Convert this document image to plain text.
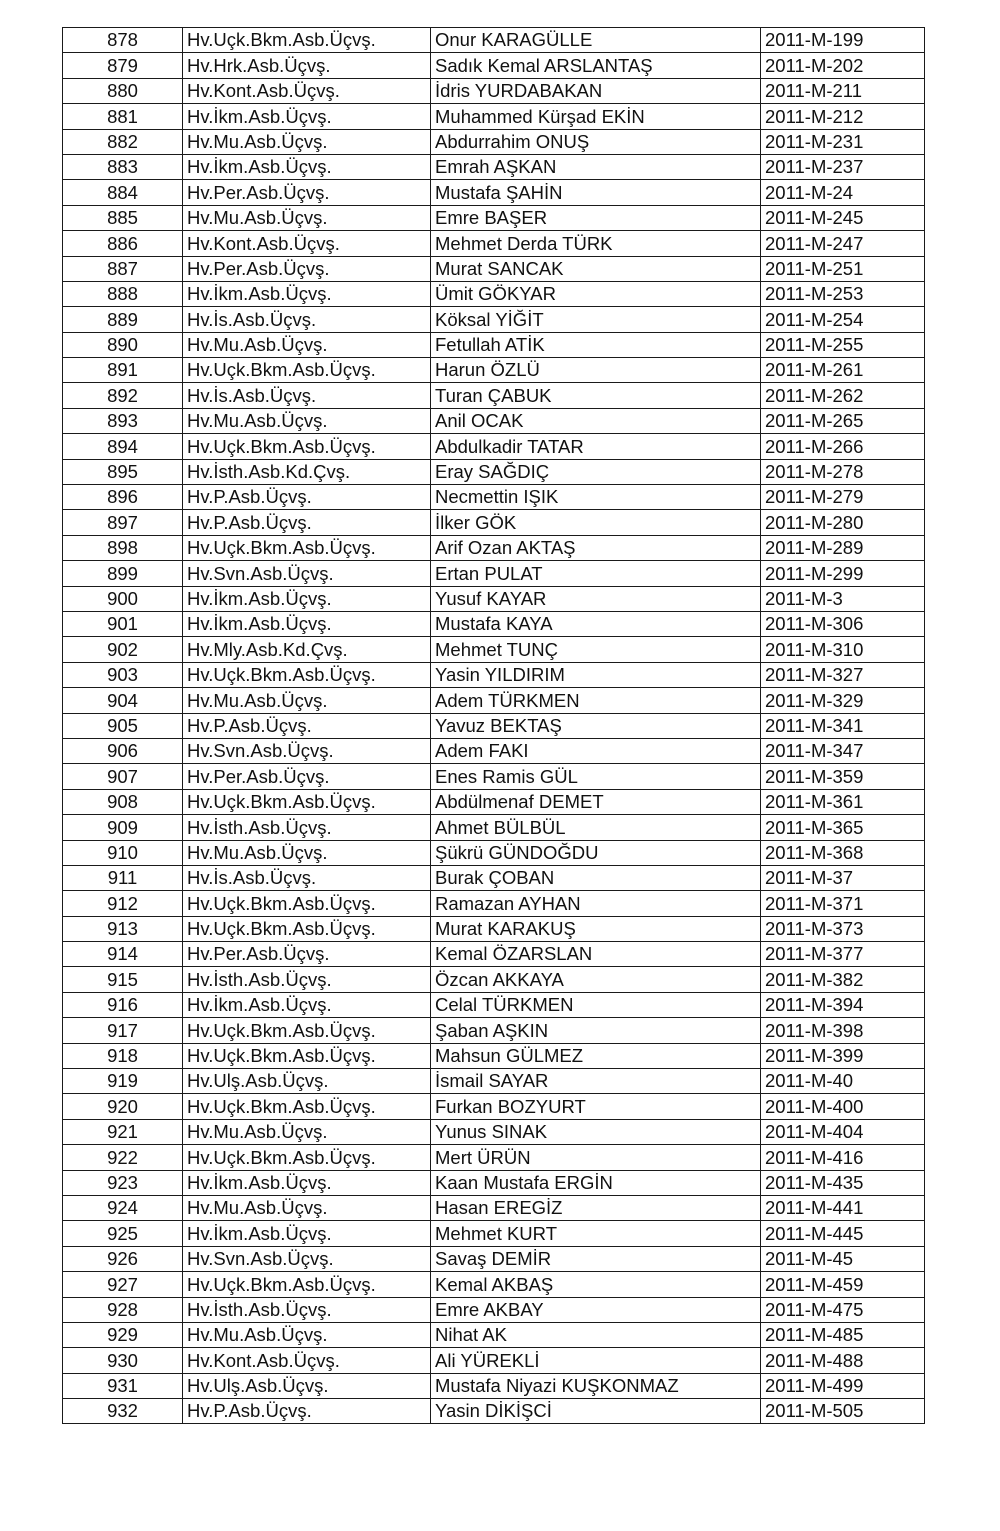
878	Hv.Uçk.Bkm.Asb.Üçvş.	Onur KARAGÜLLE	2011-M-199
879	Hv.Hrk.Asb.Üçvş.	Sadık Kemal ARSLANTAŞ	2011-M-202
880	Hv.Kont.Asb.Üçvş.	İdris YURDABAKAN	2011-M-211
881	Hv.İkm.Asb.Üçvş.	Muhammed Kürşad EKİN	2011-M-212
882	Hv.Mu.Asb.Üçvş.	Abdurrahim ONUŞ	2011-M-231
883	Hv.İkm.Asb.Üçvş.	Emrah AŞKAN	2011-M-237
884	Hv.Per.Asb.Üçvş.	Mustafa ŞAHİN	2011-M-24
885	Hv.Mu.Asb.Üçvş.	Emre BAŞER	2011-M-245
886	Hv.Kont.Asb.Üçvş.	Mehmet Derda TÜRK	2011-M-247
887	Hv.Per.Asb.Üçvş.	Murat SANCAK	2011-M-251
888	Hv.İkm.Asb.Üçvş.	Ümit GÖKYAR	2011-M-253
889	Hv.İs.Asb.Üçvş.	Köksal YİĞİT	2011-M-254
890	Hv.Mu.Asb.Üçvş.	Fetullah ATİK	2011-M-255
891	Hv.Uçk.Bkm.Asb.Üçvş.	Harun ÖZLÜ	2011-M-261
892	Hv.İs.Asb.Üçvş.	Turan ÇABUK	2011-M-262
893	Hv.Mu.Asb.Üçvş.	Anil OCAK	2011-M-265
894	Hv.Uçk.Bkm.Asb.Üçvş.	Abdulkadir TATAR	2011-M-266
895	Hv.İsth.Asb.Kd.Çvş.	Eray SAĞDIÇ	2011-M-278
896	Hv.P.Asb.Üçvş.	Necmettin IŞIK	2011-M-279
897	Hv.P.Asb.Üçvş.	İlker GÖK	2011-M-280
898	Hv.Uçk.Bkm.Asb.Üçvş.	Arif Ozan AKTAŞ	2011-M-289
899	Hv.Svn.Asb.Üçvş.	Ertan PULAT	2011-M-299
900	Hv.İkm.Asb.Üçvş.	Yusuf KAYAR	2011-M-3
901	Hv.İkm.Asb.Üçvş.	Mustafa KAYA	2011-M-306
902	Hv.Mly.Asb.Kd.Çvş.	Mehmet TUNÇ	2011-M-310
903	Hv.Uçk.Bkm.Asb.Üçvş.	Yasin YILDIRIM	2011-M-327
904	Hv.Mu.Asb.Üçvş.	Adem TÜRKMEN	2011-M-329
905	Hv.P.Asb.Üçvş.	Yavuz BEKTAŞ	2011-M-341
906	Hv.Svn.Asb.Üçvş.	Adem FAKI	2011-M-347
907	Hv.Per.Asb.Üçvş.	Enes Ramis GÜL	2011-M-359
908	Hv.Uçk.Bkm.Asb.Üçvş.	Abdülmenaf DEMET	2011-M-361
909	Hv.İsth.Asb.Üçvş.	Ahmet BÜLBÜL	2011-M-365
910	Hv.Mu.Asb.Üçvş.	Şükrü GÜNDOĞDU	2011-M-368
911	Hv.İs.Asb.Üçvş.	Burak ÇOBAN	2011-M-37
912	Hv.Uçk.Bkm.Asb.Üçvş.	Ramazan AYHAN	2011-M-371
913	Hv.Uçk.Bkm.Asb.Üçvş.	Murat KARAKUŞ	2011-M-373
914	Hv.Per.Asb.Üçvş.	Kemal ÖZARSLAN	2011-M-377
915	Hv.İsth.Asb.Üçvş.	Özcan AKKAYA	2011-M-382
916	Hv.İkm.Asb.Üçvş.	Celal TÜRKMEN	2011-M-394
917	Hv.Uçk.Bkm.Asb.Üçvş.	Şaban AŞKIN	2011-M-398
918	Hv.Uçk.Bkm.Asb.Üçvş.	Mahsun GÜLMEZ	2011-M-399
919	Hv.Ulş.Asb.Üçvş.	İsmail SAYAR	2011-M-40
920	Hv.Uçk.Bkm.Asb.Üçvş.	Furkan BOZYURT	2011-M-400
921	Hv.Mu.Asb.Üçvş.	Yunus SINAK	2011-M-404
922	Hv.Uçk.Bkm.Asb.Üçvş.	Mert ÜRÜN	2011-M-416
923	Hv.İkm.Asb.Üçvş.	Kaan Mustafa ERGİN	2011-M-435
924	Hv.Mu.Asb.Üçvş.	Hasan EREGİZ	2011-M-441
925	Hv.İkm.Asb.Üçvş.	Mehmet KURT	2011-M-445
926	Hv.Svn.Asb.Üçvş.	Savaş DEMİR	2011-M-45
927	Hv.Uçk.Bkm.Asb.Üçvş.	Kemal AKBAŞ	2011-M-459
928	Hv.İsth.Asb.Üçvş.	Emre AKBAY	2011-M-475
929	Hv.Mu.Asb.Üçvş.	Nihat AK	2011-M-485
930	Hv.Kont.Asb.Üçvş.	Ali YÜREKLİ	2011-M-488
931	Hv.Ulş.Asb.Üçvş.	Mustafa Niyazi KUŞKONMAZ	2011-M-499
932	Hv.P.Asb.Üçvş.	Yasin DİKİŞCİ	2011-M-505
